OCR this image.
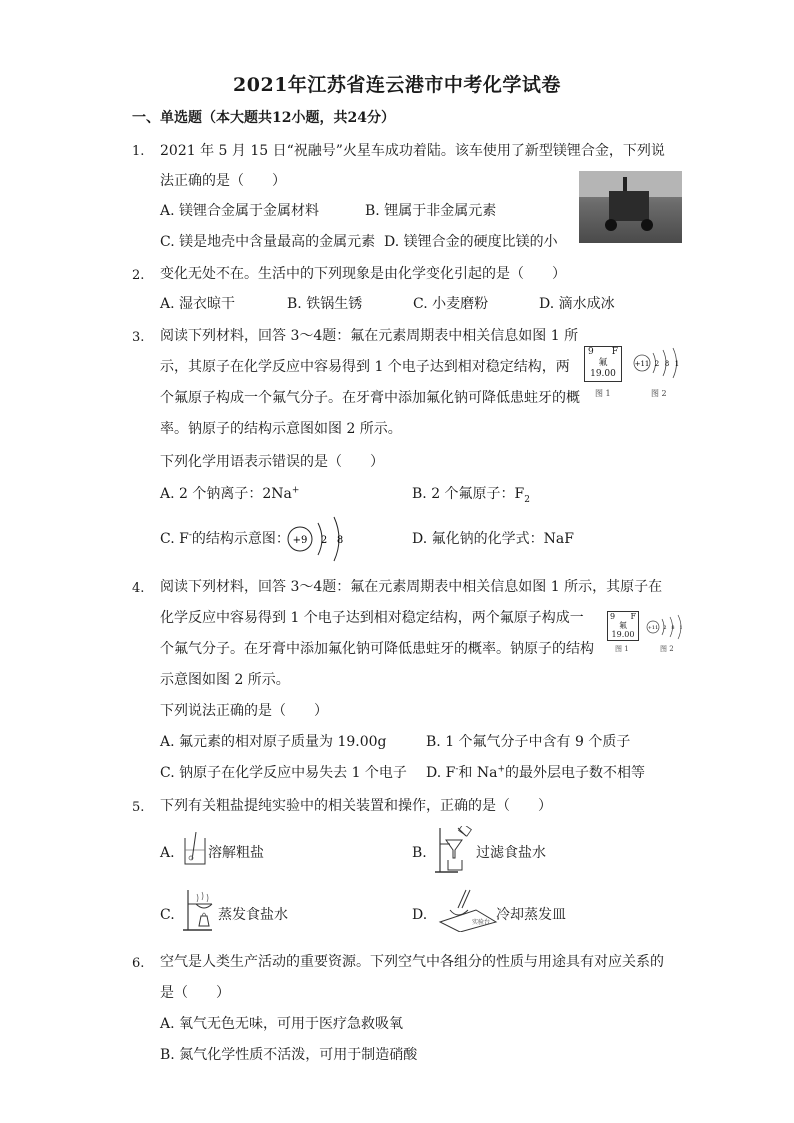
2021年江苏省连云港市中考化学试卷
一、单选题（本大题共12小题，共24分）
1. 2021 年 5 月 15 日“祝融号”火星车成功着陆。该车使用了新型镁锂合金，下列说
法正确的是（　　）
A. 镁锂合金属于金属材料	B. 锂属于非金属元素
C. 镁是地壳中含量最高的金属元素 D. 镁锂合金的硬度比镁的小
2. 变化无处不在。生活中的下列现象是由化学变化引起的是（　　）
A. 湿衣晾干	B. 铁锅生锈	C. 小麦磨粉	D. 滴水成冰
3. 阅读下列材料，回答 3～4题：氟在元素周期表中相关信息如图 1 所
示，其原子在化学反应中容易得到 1 个电子达到相对稳定结构，两
个氟原子构成一个氟气分子。在牙膏中添加氟化钠可降低患蛀牙的概
率。钠原子的结构示意图如图 2 所示。
下列化学用语表示错误的是（　　）
A. 2 个钠离子：2Na+	B. 2 个氟原子：$F_2$
C. F-的结构示意图： +9 2 8	D. 氟化钠的化学式：NaF
9 F
氟
19.00
图 1
+11 2 8 1
图 2
4. 阅读下列材料，回答 3～4题：氟在元素周期表中相关信息如图 1 所示，其原子在
化学反应中容易得到 1 个电子达到相对稳定结构，两个氟原子构成一
个氟气分子。在牙膏中添加氟化钠可降低患蛀牙的概率。钠原子的结构
示意图如图 2 所示。
下列说法正确的是（　　）
A. 氟元素的相对原子质量为 19.00g	B. 1 个氟气分子中含有 9 个质子
C. 钠原子在化学反应中易失去 1 个电子 D. F-和 Na+的最外层电子数不相等
9 F
氟
19.00
图 1
+11 2 8 1
图 2
5. 下列有关粗盐提纯实验中的相关装置和操作，正确的是（　　）
A. 溶解粗盐	B.	过滤食盐水
C.	蒸发食盐水	D.	实验台 冷却蒸发皿
6. 空气是人类生产活动的重要资源。下列空气中各组分的性质与用途具有对应关系的
是（　　）
A. 氧气无色无味，可用于医疗急救吸氧
B. 氮气化学性质不活泼，可用于制造硝酸
